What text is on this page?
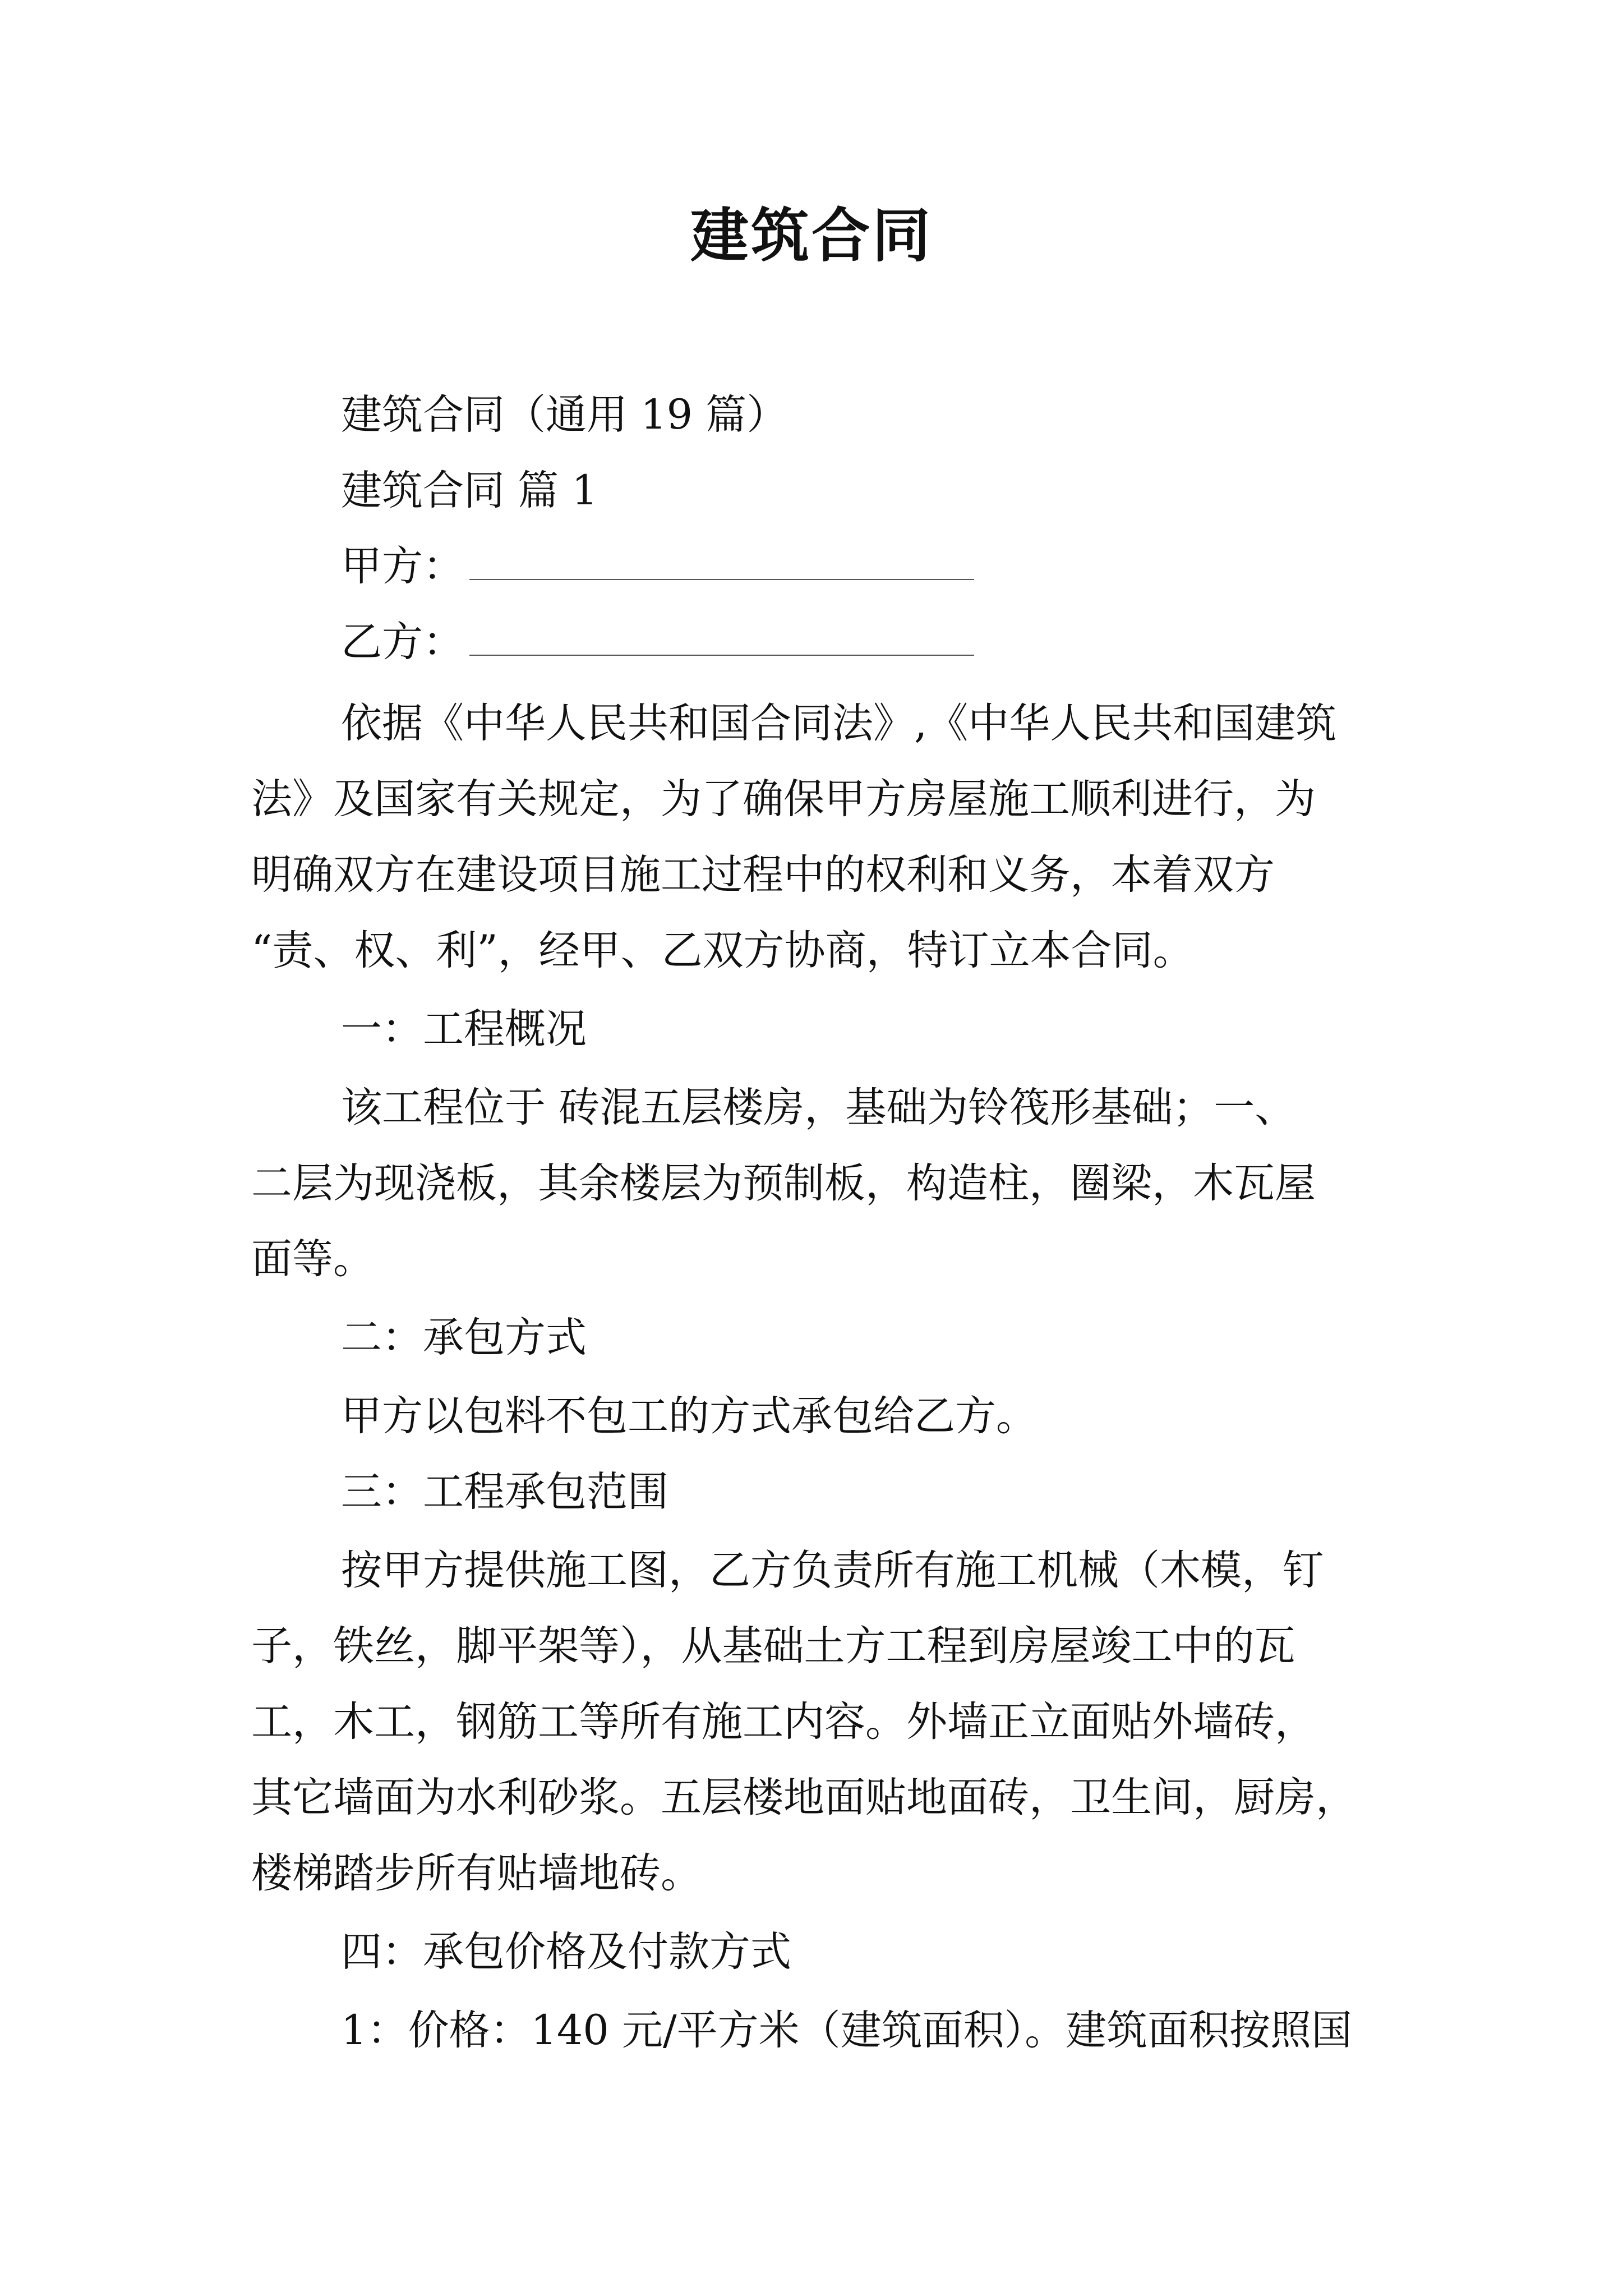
建筑合同
建筑合同（通用 19 篇）
建筑合同 篇 1
甲方：
乙方：
依据《中华人民共和国合同法》,《中华人民共和国建筑
法》及国家有关规定，为了确保甲方房屋施工顺利进行，为
明确双方在建设项目施工过程中的权利和义务，本着双方
“责、权、利”，经甲、乙双方协商，特订立本合同。
一：工程概况
该工程位于 砖混五层楼房，基础为铃筏形基础；一、
二层为现浇板，其余楼层为预制板，构造柱，圈梁，木瓦屋
面等。
二：承包方式
甲方以包料不包工的方式承包给乙方。
三：工程承包范围
按甲方提供施工图，乙方负责所有施工机械（木模，钉
子，铁丝，脚平架等），从基础土方工程到房屋竣工中的瓦
工，木工，钢筋工等所有施工内容。外墙正立面贴外墙砖，
其它墙面为水利砂浆。五层楼地面贴地面砖，卫生间，厨房，
楼梯踏步所有贴墙地砖。
四：承包价格及付款方式
1：价格：140 元/平方米（建筑面积）。建筑面积按照国
